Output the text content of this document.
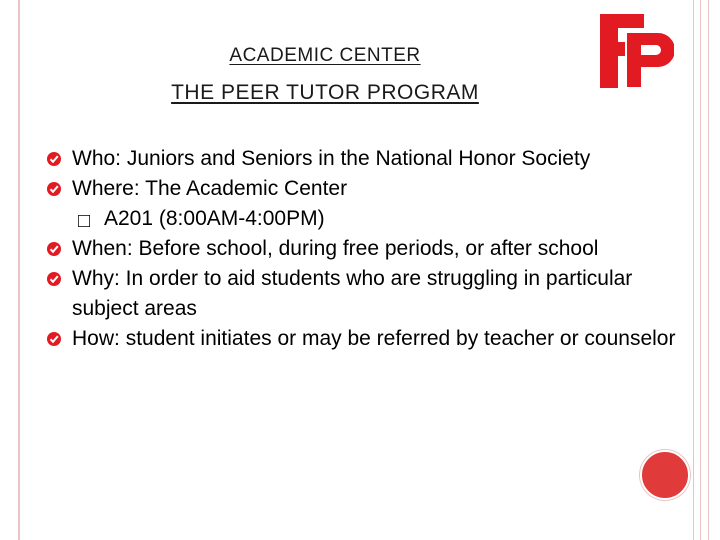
ACADEMIC CENTER
THE PEER TUTOR PROGRAM
Who: Juniors and Seniors in the National Honor Society
Where: The Academic Center
□ A201 (8:00AM-4:00PM)
When: Before school, during free periods, or after school
Why: In order to aid students who are struggling in particular subject areas
How: student initiates or may be referred by teacher or counselor
